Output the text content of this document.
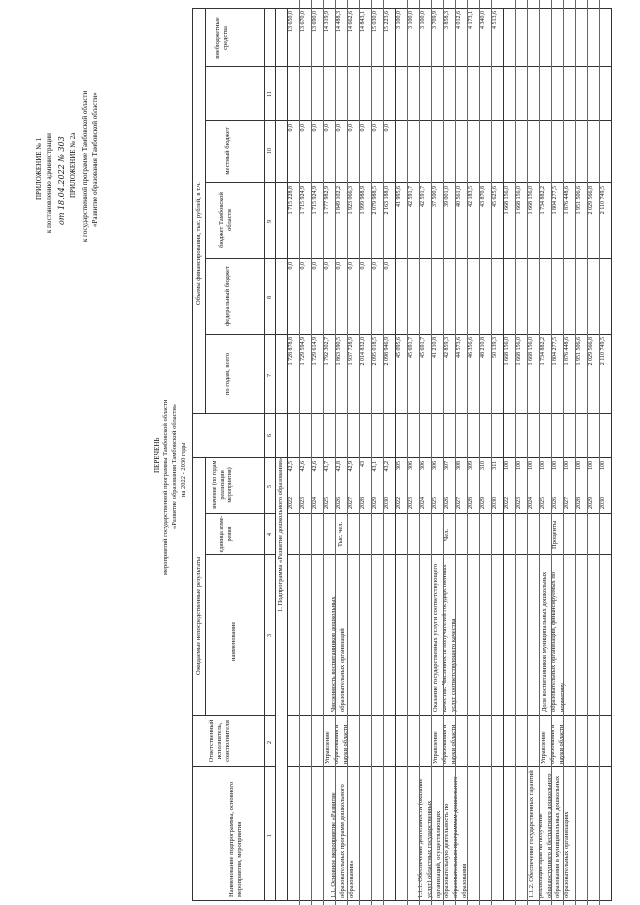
ПРИЛОЖЕНИЕ № 1 к постановлению администрации от 18.04.2022 № 303 ПРИЛОЖЕНИЕ № 2а к государственной программе Тамбовской области «Развитие образования Тамбовской области»
ПЕРЕЧЕНЬ мероприятий государственной программы Тамбовской области «Развитие образования Тамбовской области» на 2022 - 2030 годы
Наименование подпрограммы, основного мероприятия, мероприятия
Ответственный исполнитель, соисполнители
Ожидаемые непосредственные результаты	наименование
единица изме-рения
значение (по годам реализации мероприятия)
Объемы финансирования, тыс. рублей, в т.ч.
по годам, всего
федеральный бюджет
бюджет Тамбовской области
местный бюджет
внебюджетные средства
1
2
3
4
5
6
7
8
9
10
11
1. Подпрограмма «Развитие дошкольного образования»
1.1. Основное мероприятие «Развитие образовательных программ дошкольного образования»
Управление образования и науки области
Численность воспитанников дошкольных образовательных организаций
Тыс. чел.
1.1.1. Обеспечение деятельности (оказание услуг) областных государственных организаций, осуществляющих образовательную деятельность по образовательным программам дошкольного образования
Управление образования и науки области
Оказание государственных услуги соответствующего качества. Численность получателей государственных услуг соответствующего качества
Чел.
1.1.2. Обеспечение государственных гарантий реализации прав на получение общедоступного и бесплатного дошкольного образования в муниципальных дошкольных образовательных организациях
Управление образования и науки области
Доля воспитанников муниципальных дошкольных образовательных организаций, финансируемых по нормативу
Проценты
2022
42,5
1 728 878,8
0,0
1 715 228,8
0,0
13 650,0
2023
42,6
1 729 594,9
0,0
1 715 924,9
0,0
13 670,0
2024
42,6
1 729 614,9
0,0
1 715 924,9
0,0
13 690,0
2025
43,7
1 792 302,7
0,0
1 777 982,9
0,0
14 319,9
2026
42,8
1 863 590,5
0,0
1 849 102,2
0,0
14 488,3
2027
42,9
1 937 728,9
0,0
1 923 066,3
0,0
14 662,6
2028
43
2 014 832,0
0,0
1 999 988,9
0,0
14 843,1
2029
43,1
2 095 018,5
0,0
2 079 988,5
0,0
15 030,0
2030
43,2
2 098 946,9
0,0
2 163 188,0
0,0
15 223,6
2022
305
45 095,6
41 995,6
3 100,0
2023
306
45 691,7
42 591,7
3 100,0
2024
306
45 691,7
42 591,7
3 100,0
2025
306
41 210,8
37 500,9
3 709,9
2026
307
42 859,3
39 001,0
3 858,3
2027
308
44 573,6
40 561,0
4 012,6
2028
309
46 356,6
42 183,5
4 173,1
2029
310
48 210,8
43 870,8
4 340,0
2030
311
50 139,3
45 625,6
4 513,6
2022
100
1 668 156,0
1 668 156,0
2023
100
1 668 156,0
1 668 156,0
2024
100
1 668 156,0
1 668 156,0
2025
100
1 734 882,2
1 734 882,2
2026
100
1 804 277,5
1 804 277,5
2027
100
1 876 448,6
1 876 448,6
2028
100
1 951 506,6
1 951 506,6
2029
100
2 029 566,8
2 029 566,8
2030
100
2 110 749,5
2 110 749,5
